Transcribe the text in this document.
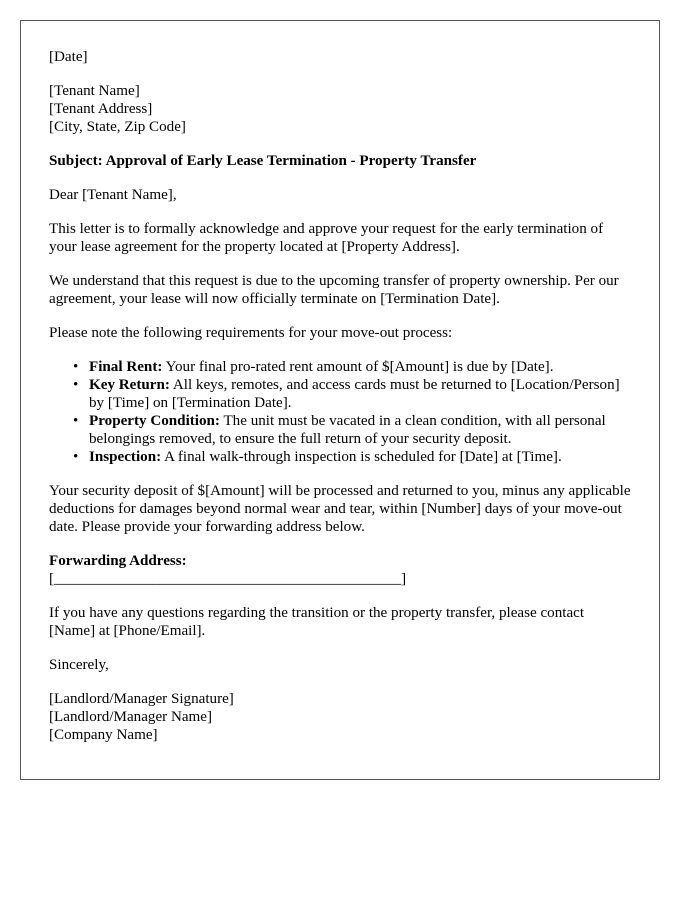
[Date]

[Tenant Name]
[Tenant Address]
[City, State, Zip Code]

Subject: Approval of Early Lease Termination - Property Transfer

Dear [Tenant Name],

This letter is to formally acknowledge and approve your request for the early termination of your lease agreement for the property located at [Property Address].

We understand that this request is due to the upcoming transfer of property ownership. Per our agreement, your lease will now officially terminate on [Termination Date].

Please note the following requirements for your move-out process:

• Final Rent: Your final pro-rated rent amount of $[Amount] is due by [Date].
• Key Return: All keys, remotes, and access cards must be returned to [Location/Person] by [Time] on [Termination Date].
• Property Condition: The unit must be vacated in a clean condition, with all personal belongings removed, to ensure the full return of your security deposit.
• Inspection: A final walk-through inspection is scheduled for [Date] at [Time].

Your security deposit of $[Amount] will be processed and returned to you, minus any applicable deductions for damages beyond normal wear and tear, within [Number] days of your move-out date. Please provide your forwarding address below.

Forwarding Address:
[______________________________________________]

If you have any questions regarding the transition or the property transfer, please contact [Name] at [Phone/Email].

Sincerely,

[Landlord/Manager Signature]
[Landlord/Manager Name]
[Company Name]
